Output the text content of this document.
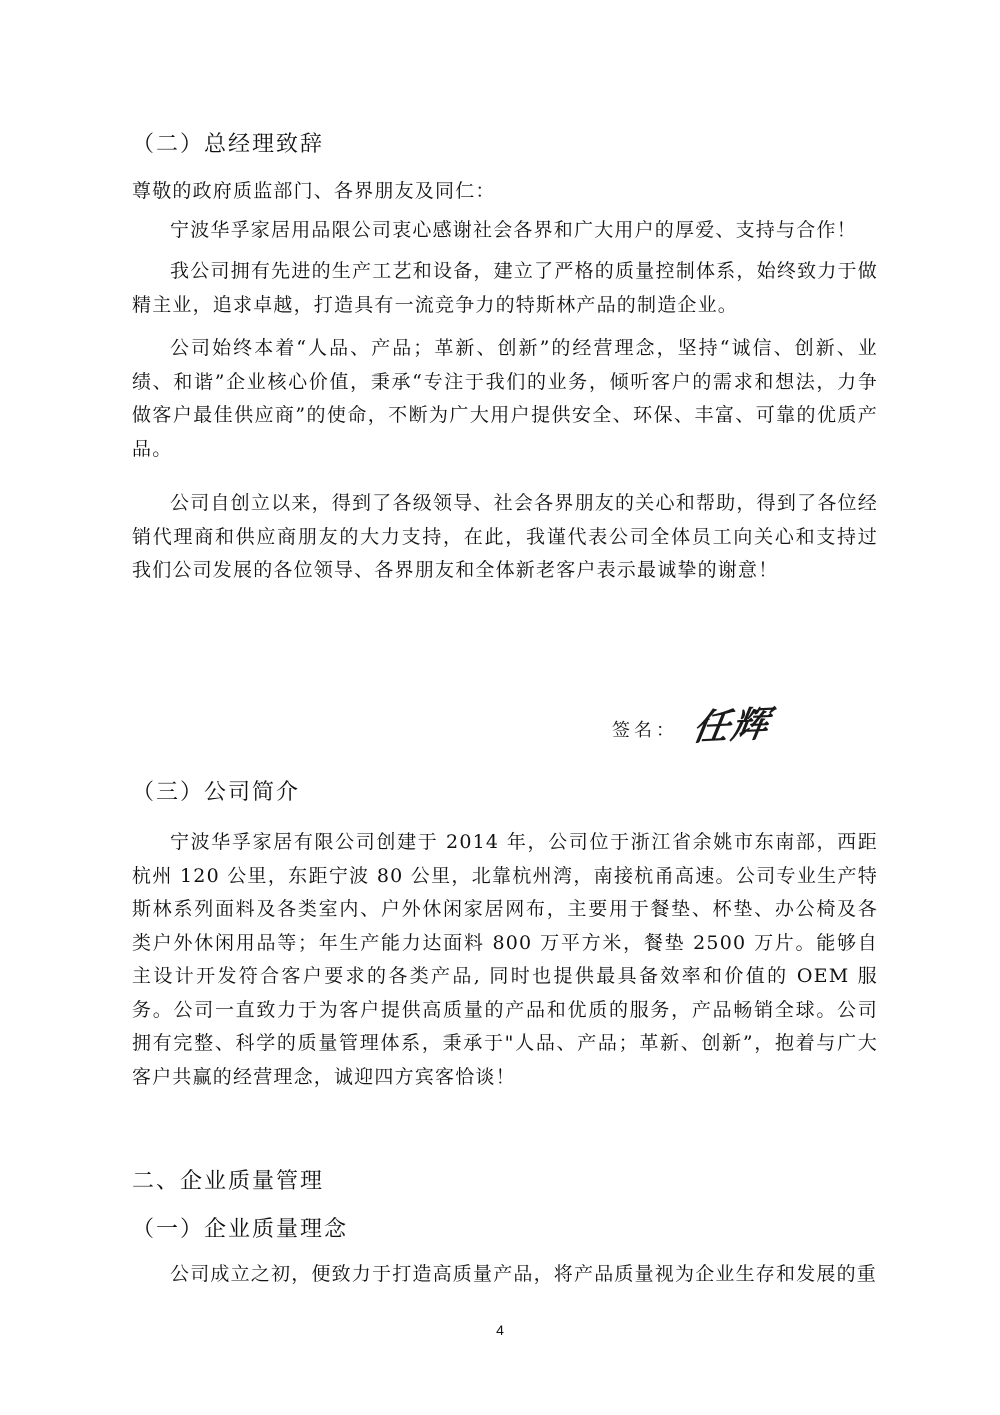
（二）总经理致辞
尊敬的政府质监部门、各界朋友及同仁：
宁波华孚家居用品限公司衷心感谢社会各界和广大用户的厚爱、支持与合作！
我公司拥有先进的生产工艺和设备，建立了严格的质量控制体系，始终致力于做精主业，追求卓越，打造具有一流竞争力的特斯林产品的制造企业。
公司始终本着“人品、产品；革新、创新”的经营理念，坚持“诚信、创新、业绩、和谐”企业核心价值，秉承“专注于我们的业务，倾听客户的需求和想法，力争做客户最佳供应商”的使命，不断为广大用户提供安全、环保、丰富、可靠的优质产品。
公司自创立以来，得到了各级领导、社会各界朋友的关心和帮助，得到了各位经销代理商和供应商朋友的大力支持，在此，我谨代表公司全体员工向关心和支持过我们公司发展的各位领导、各界朋友和全体新老客户表示最诚挚的谢意！
签名： 任辉
（三）公司简介
宁波华孚家居有限公司创建于 2014 年，公司位于浙江省余姚市东南部，西距杭州 120 公里，东距宁波 80 公里，北靠杭州湾，南接杭甬高速。公司专业生产特斯林系列面料及各类室内、户外休闲家居网布，主要用于餐垫、杯垫、办公椅及各类户外休闲用品等；年生产能力达面料 800 万平方米，餐垫 2500 万片。能够自主设计开发符合客户要求的各类产品, 同时也提供最具备效率和价值的 OEM 服务。公司一直致力于为客户提供高质量的产品和优质的服务，产品畅销全球。公司拥有完整、科学的质量管理体系，秉承于"人品、产品；革新、创新”，抱着与广大客户共赢的经营理念，诚迎四方宾客恰谈！
二、企业质量管理
（一）企业质量理念
公司成立之初，便致力于打造高质量产品，将产品质量视为企业生存和发展的重
4
